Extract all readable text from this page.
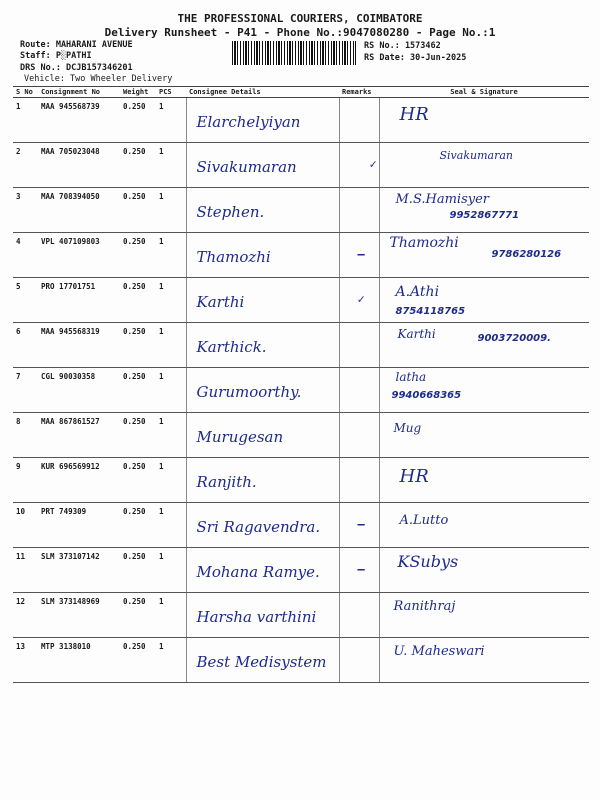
THE PROFESSIONAL COURIERS, COIMBATORE
Delivery Runsheet - P41 - Phone No.:9047080280 - Page No.:1
Route: MAHARANI AVENUE
Staff: P░PATHI
DRS No.: DCJB157346201
Vehicle: Two Wheeler Delivery
RS No.: 1573462
RS Date: 30-Jun-2025
S No	Consignment No	Weight	PCS	Consignee Details	Remarks	Seal & Signature
1	MAA 945568739	0.250	1	Elarchelyiyan		HR

2	MAA 705023048	0.250	1	Sivakumaran	✓	Sivakumaran

3	MAA 708394050	0.250	1	Stephen.		M.S.Hamisyer
9952867771

4	VPL 407109803	0.250	1	Thamozhi	–	Thamozhi
9786280126

5	PRO 17701751	0.250	1	Karthi	✓	A.Athi
8754118765

6	MAA 945568319	0.250	1	Karthick.		Karthi 9003720009.

7	CGL 90030358	0.250	1	Gurumoorthy.		latha
9940668365

8	MAA 867861527	0.250	1	Murugesan		Mug

9	KUR 696569912	0.250	1	Ranjith.		HR

10	PRT 749309	0.250	1	Sri Ragavendra.	–	A.Lutto

11	SLM 373107142	0.250	1	Mohana Ramye.	–	KSubys

12	SLM 373148969	0.250	1	Harsha varthini		Ranithraj

13	MTP 3138010	0.250	1	Best Medisystem		U. Maheswari
